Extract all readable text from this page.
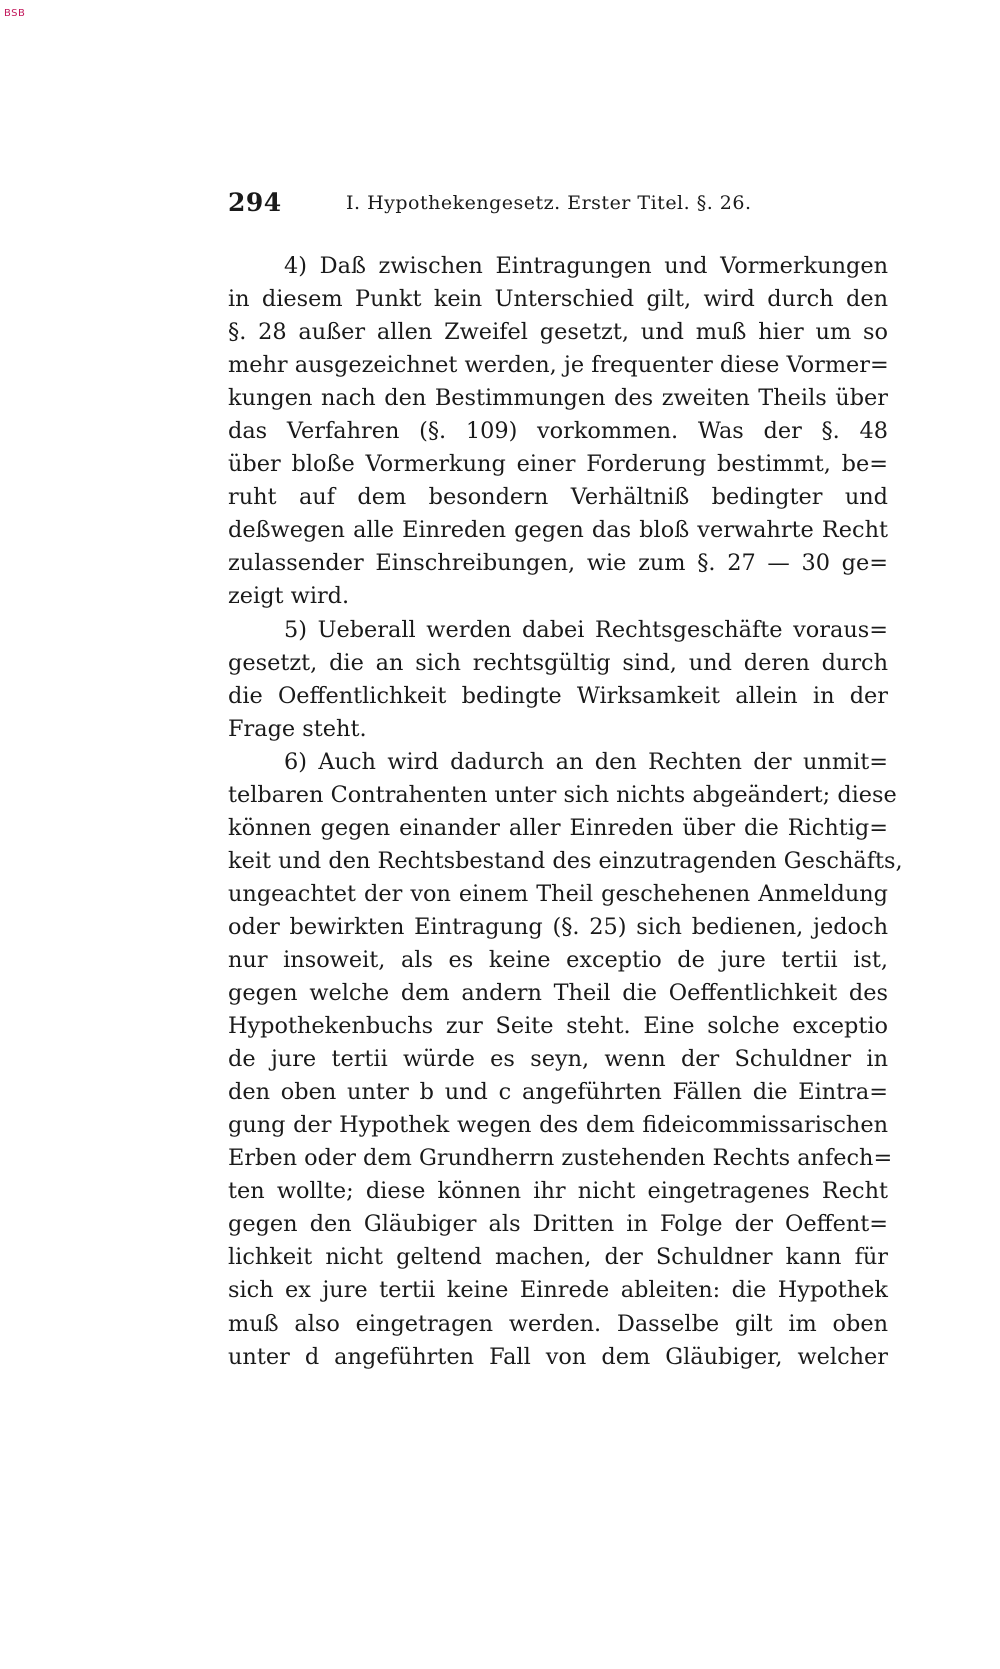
BSB
294	I. Hypothekengesetz. Erster Titel. §. 26.
4) Daß zwischen Eintragungen und Vormerkungen
in diesem Punkt kein Unterschied gilt, wird durch den
§. 28 außer allen Zweifel gesetzt, und muß hier um so
mehr ausgezeichnet werden, je frequenter diese Vormer=
kungen nach den Bestimmungen des zweiten Theils über
das Verfahren (§. 109) vorkommen. Was der §. 48
über bloße Vormerkung einer Forderung bestimmt, be=
ruht auf dem besondern Verhältniß bedingter und
deßwegen alle Einreden gegen das bloß verwahrte Recht
zulassender Einschreibungen, wie zum §. 27 — 30 ge=
zeigt wird.
5) Ueberall werden dabei Rechtsgeschäfte voraus=
gesetzt, die an sich rechtsgültig sind, und deren durch
die Oeffentlichkeit bedingte Wirksamkeit allein in der
Frage steht.
6) Auch wird dadurch an den Rechten der unmit=
telbaren Contrahenten unter sich nichts abgeändert; diese
können gegen einander aller Einreden über die Richtig=
keit und den Rechtsbestand des einzutragenden Geschäfts,
ungeachtet der von einem Theil geschehenen Anmeldung
oder bewirkten Eintragung (§. 25) sich bedienen, jedoch
nur insoweit, als es keine exceptio de jure tertii ist,
gegen welche dem andern Theil die Oeffentlichkeit des
Hypothekenbuchs zur Seite steht. Eine solche exceptio
de jure tertii würde es seyn, wenn der Schuldner in
den oben unter b und c angeführten Fällen die Eintra=
gung der Hypothek wegen des dem fideicommissarischen
Erben oder dem Grundherrn zustehenden Rechts anfech=
ten wollte; diese können ihr nicht eingetragenes Recht
gegen den Gläubiger als Dritten in Folge der Oeffent=
lichkeit nicht geltend machen, der Schuldner kann für
sich ex jure tertii keine Einrede ableiten: die Hypothek
muß also eingetragen werden. Dasselbe gilt im oben
unter d angeführten Fall von dem Gläubiger, welcher
